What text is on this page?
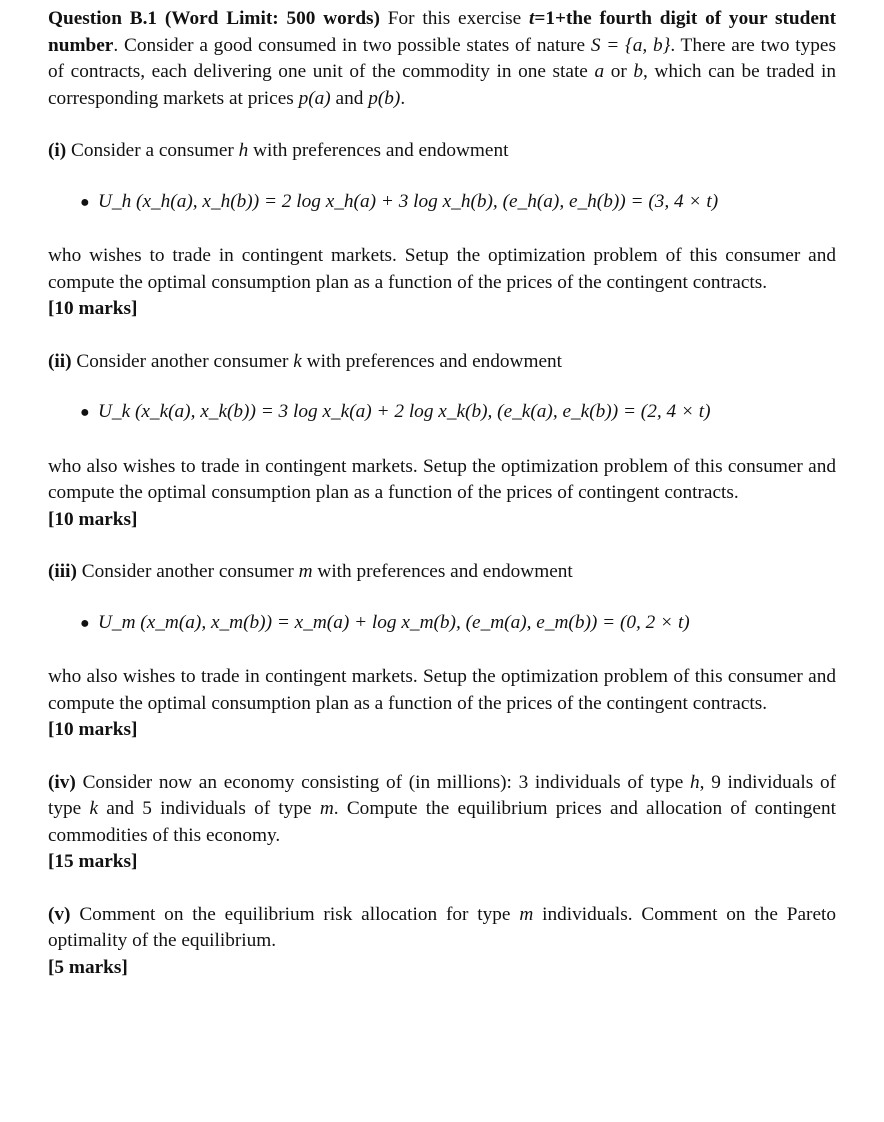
Question B.1 (Word Limit: 500 words) For this exercise t=1+the fourth digit of your student number. Consider a good consumed in two possible states of nature S = {a, b}. There are two types of contracts, each delivering one unit of the commodity in one state a or b, which can be traded in corresponding markets at prices p(a) and p(b).

(i) Consider a consumer h with preferences and endowment

● U_h (x_h(a), x_h(b)) = 2 log x_h(a) + 3 log x_h(b), (e_h(a), e_h(b)) = (3, 4 × t)

who wishes to trade in contingent markets. Setup the optimization problem of this consumer and compute the optimal consumption plan as a function of the prices of the contingent contracts.

[10 marks]

(ii) Consider another consumer k with preferences and endowment

● U_k (x_k(a), x_k(b)) = 3 log x_k(a) + 2 log x_k(b), (e_k(a), e_k(b)) = (2, 4 × t)

who also wishes to trade in contingent markets. Setup the optimization problem of this consumer and compute the optimal consumption plan as a function of the prices of contingent contracts.

[10 marks]

(iii) Consider another consumer m with preferences and endowment

● U_m (x_m(a), x_m(b)) = x_m(a) + log x_m(b), (e_m(a), e_m(b)) = (0, 2 × t)

who also wishes to trade in contingent markets. Setup the optimization problem of this consumer and compute the optimal consumption plan as a function of the prices of the contingent contracts.

[10 marks]

(iv) Consider now an economy consisting of (in millions): 3 individuals of type h, 9 individuals of type k and 5 individuals of type m. Compute the equilibrium prices and allocation of contingent commodities of this economy.

[15 marks]

(v) Comment on the equilibrium risk allocation for type m individuals. Comment on the Pareto optimality of the equilibrium.

[5 marks]
